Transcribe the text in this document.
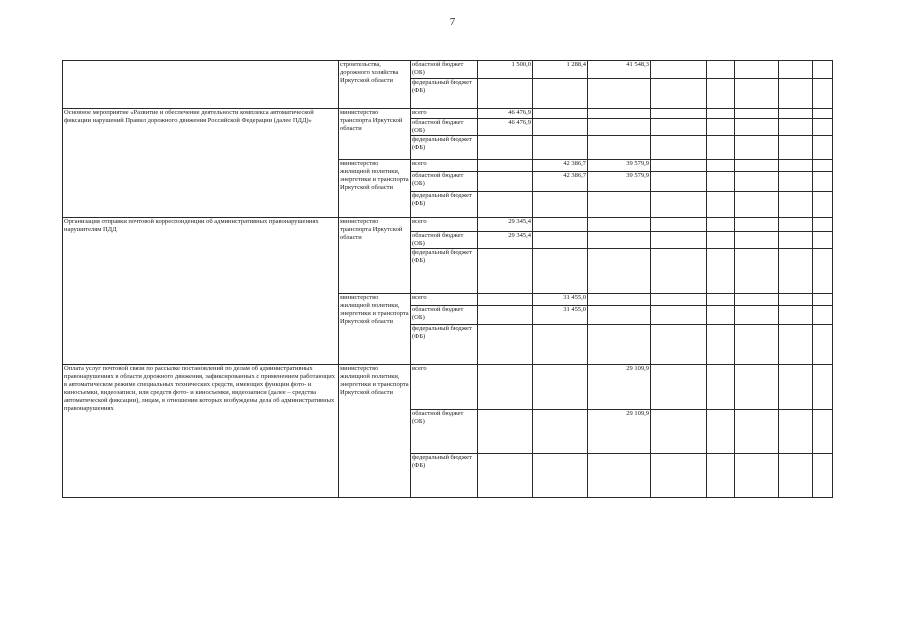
7
	строительства, дорожного хозяйства Иркутской области	областной бюджет (ОБ)	1 500,0	1 288,4	41 548,3					
		федеральный бюджет (ФБ)								
Основное мероприятие «Развитие и обеспечение деятельности комплекса автоматической фиксации нарушений Правил дорожного движения Российской Федерации (далее ПДД)»	министерство транспорта Иркутской области	всего	46 476,9							
		областной бюджет (ОБ)	46 476,9							
		федеральный бюджет (ФБ)								
	министерство жилищной политики, энергетики и транспорта Иркутской области	всего		42 386,7	39 579,9					
		областной бюджет (ОБ)		42 386,7	39 579,9					
		федеральный бюджет (ФБ)								
Организация отправки почтовой корреспонденции об административных правонарушениях нарушителям ПДД	министерство транспорта Иркутской области	всего	29 345,4							
		областной бюджет (ОБ)	29 345,4							
		федеральный бюджет (ФБ)								
	министерство жилищной политики, энергетики и транспорта Иркутской области	всего		31 455,0						
		областной бюджет (ОБ)		31 455,0						
		федеральный бюджет (ФБ)								
Оплата услуг почтовой связи по рассылке постановлений по делам об административных правонарушениях в области дорожного движения, зафиксированных с применением работающих в автоматическом режиме специальных технических средств, имеющих функции фото- и киносъемки, видеозаписи, или средств фото- и киносъемки, видеозаписи (далее – средства автоматической фиксации), лицам, в отношении которых возбуждены дела об административных правонарушениях	министерство жилищной политики, энергетики и транспорта Иркутской области	всего			29 109,9					
		областной бюджет (ОБ)			29 109,9					
		федеральный бюджет (ФБ)								
